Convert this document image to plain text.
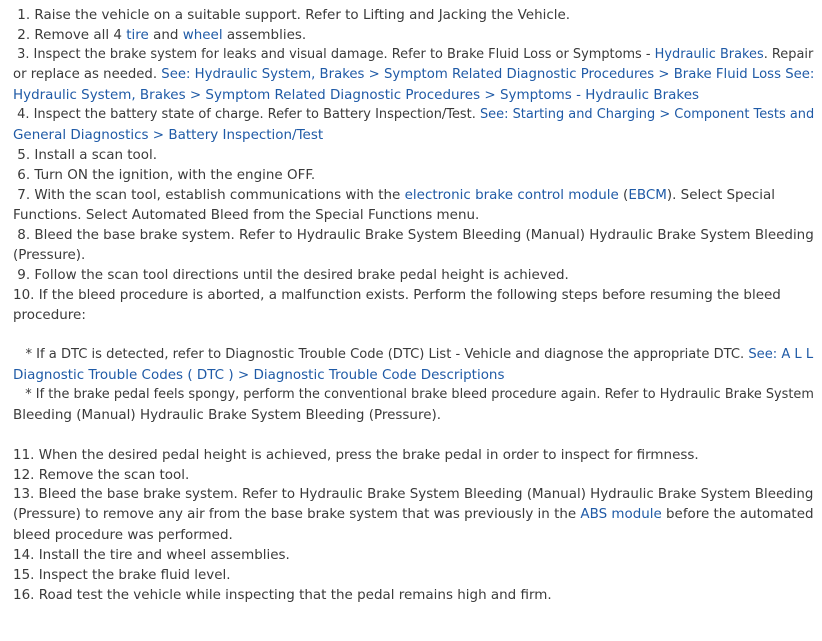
1. Raise the vehicle on a suitable support. Refer to Lifting and Jacking the Vehicle.
2. Remove all 4 tire and wheel assemblies.
3. Inspect the brake system for leaks and visual damage. Refer to Brake Fluid Loss or Symptoms - Hydraulic Brakes. Repair
or replace as needed. See: Hydraulic System, Brakes > Symptom Related Diagnostic Procedures > Brake Fluid Loss See:
Hydraulic System, Brakes > Symptom Related Diagnostic Procedures > Symptoms - Hydraulic Brakes
4. Inspect the battery state of charge. Refer to Battery Inspection/Test. See: Starting and Charging > Component Tests and
General Diagnostics > Battery Inspection/Test
5. Install a scan tool.
6. Turn ON the ignition, with the engine OFF.
7. With the scan tool, establish communications with the electronic brake control module (EBCM). Select Special
Functions. Select Automated Bleed from the Special Functions menu.
8. Bleed the base brake system. Refer to Hydraulic Brake System Bleeding (Manual) Hydraulic Brake System Bleeding
(Pressure).
9. Follow the scan tool directions until the desired brake pedal height is achieved.
10. If the bleed procedure is aborted, a malfunction exists. Perform the following steps before resuming the bleed
procedure:
* If a DTC is detected, refer to Diagnostic Trouble Code (DTC) List - Vehicle and diagnose the appropriate DTC. See: A L L
Diagnostic Trouble Codes ( DTC ) > Diagnostic Trouble Code Descriptions
* If the brake pedal feels spongy, perform the conventional brake bleed procedure again. Refer to Hydraulic Brake System
Bleeding (Manual) Hydraulic Brake System Bleeding (Pressure).
11. When the desired pedal height is achieved, press the brake pedal in order to inspect for firmness.
12. Remove the scan tool.
13. Bleed the base brake system. Refer to Hydraulic Brake System Bleeding (Manual) Hydraulic Brake System Bleeding
(Pressure) to remove any air from the base brake system that was previously in the ABS module before the automated
bleed procedure was performed.
14. Install the tire and wheel assemblies.
15. Inspect the brake fluid level.
16. Road test the vehicle while inspecting that the pedal remains high and firm.
